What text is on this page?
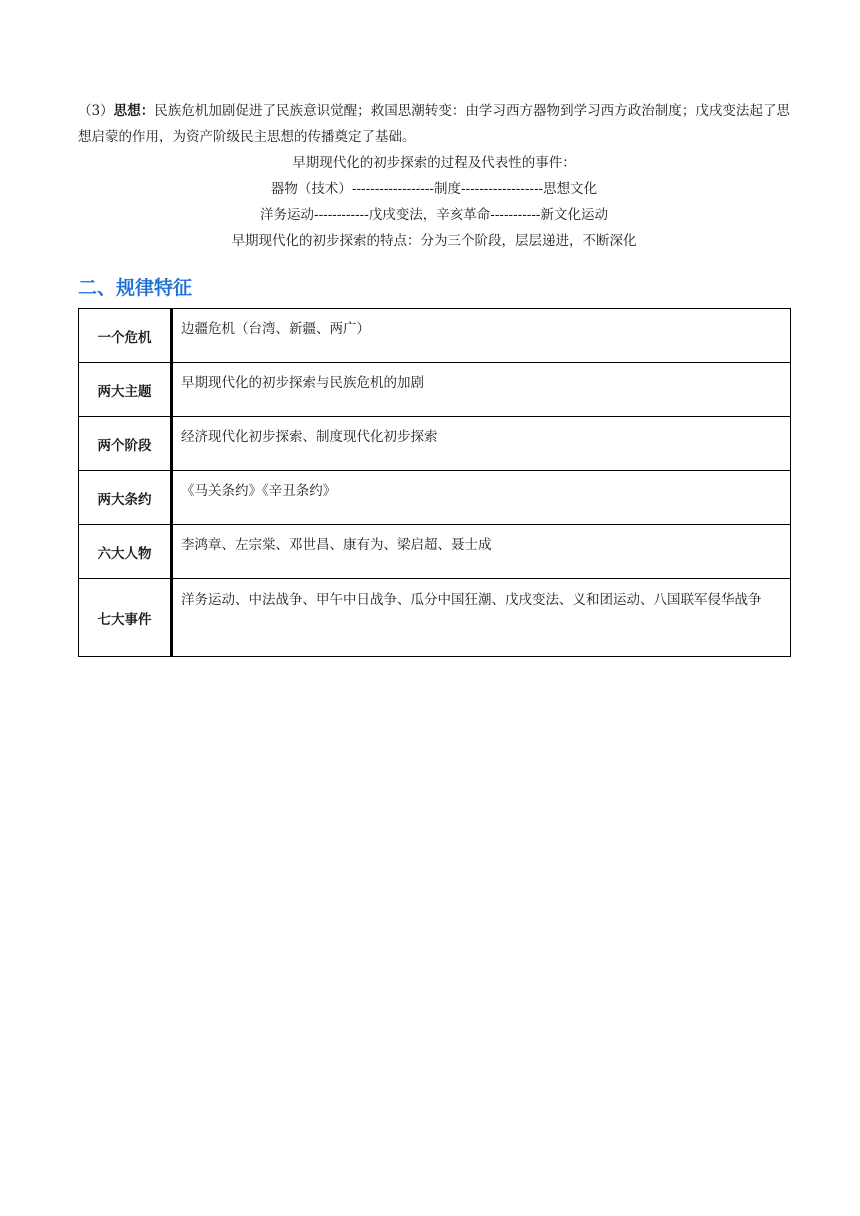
（3）思想：民族危机加剧促进了民族意识觉醒；救国思潮转变：由学习西方器物到学习西方政治制度；戊戌变法起了思想启蒙的作用，为资产阶级民主思想的传播奠定了基础。

早期现代化的初步探索的过程及代表性的事件：

器物（技术）------------------制度------------------思想文化

洋务运动------------戊戌变法，辛亥革命-----------新文化运动

早期现代化的初步探索的特点：分为三个阶段，层层递进，不断深化

二、规律特征
一个危机	边疆危机（台湾、新疆、两广）
两大主题	早期现代化的初步探索与民族危机的加剧
两个阶段	经济现代化初步探索、制度现代化初步探索
两大条约	《马关条约》《辛丑条约》
六大人物	李鸿章、左宗棠、邓世昌、康有为、梁启超、聂士成
七大事件	洋务运动、中法战争、甲午中日战争、瓜分中国狂潮、戊戌变法、义和团运动、八国联军侵华战争
